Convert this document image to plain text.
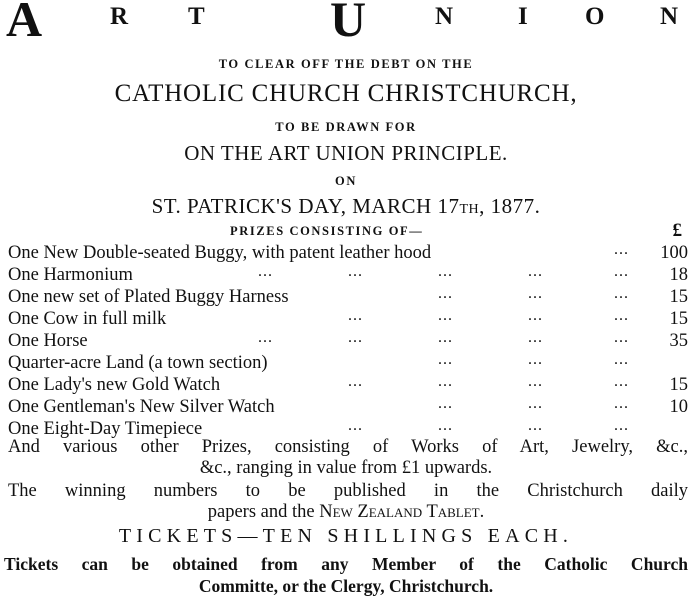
A	R T	U	N	I O N
TO CLEAR OFF THE DEBT ON THE
CATHOLIC CHURCH CHRISTCHURCH,
TO BE DRAWN FOR
ON THE ART UNION PRINCIPLE.
ON
ST. PATRICK'S DAY, MARCH 17TH, 1877.
PRIZES CONSISTING OF—	£
One New Double-seated Buggy, with patent leather hood	... 100
One Harmonium	...	...	...	...	... 18
One new set of Plated Buggy Harness	...	...	... 15
One Cow in full milk	...	...	...	... 15
One Horse	...	...	...	...	... 35
Quarter-acre Land (a town section)	...	...	...
One Lady's new Gold Watch	...	...	...	... 15
One Gentleman's New Silver Watch	...	...	... 10
One Eight-Day Timepiece	...	...	...	...
And various other Prizes, consisting of Works of Art, Jewelry, &c.,
&c., ranging in value from £1 upwards.
The winning numbers to be published in the Christchurch daily
papers and the New Zealand Tablet.
TICKETS—TEN SHILLINGS EACH.
Tickets can be obtained from any Member of the Catholic Church
Committe, or the Clergy, Christchurch.
